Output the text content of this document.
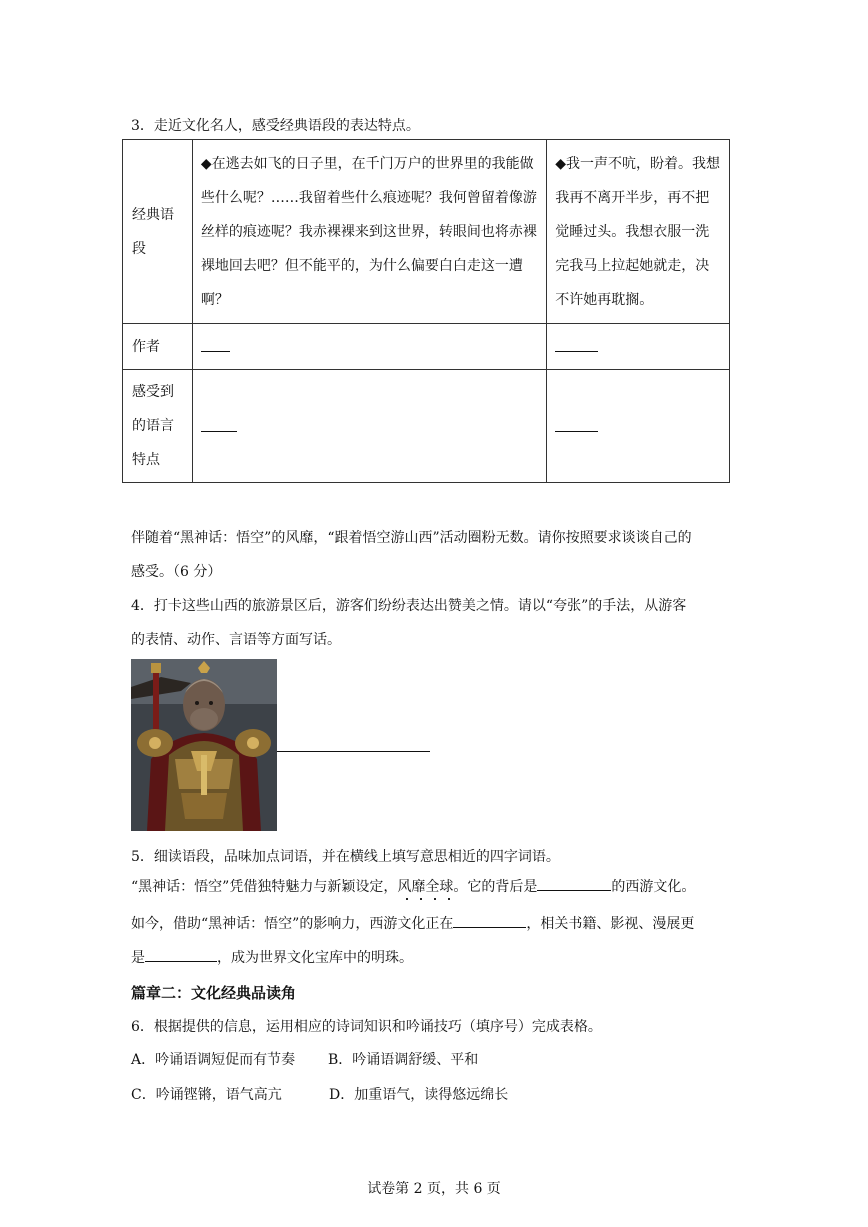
3．走近文化名人，感受经典语段的表达特点。
经典语段	◆在逃去如飞的日子里，在千门万户的世界里的我能做些什么呢？……我留着些什么痕迹呢？我何曾留着像游丝样的痕迹呢？我赤裸裸来到这世界，转眼间也将赤裸裸地回去吧？但不能平的，为什么偏要白白走这一遭啊？	◆我一声不吭，盼着。我想我再不离开半步，再不把觉睡过头。我想衣服一洗完我马上拉起她就走，决不许她再耽搁。
作者		
感受到的语言特点		
伴随着“黑神话：悟空”的风靡，“跟着悟空游山西”活动圈粉无数。请你按照要求谈谈自己的
感受。（6 分）
4．打卡这些山西的旅游景区后，游客们纷纷表达出赞美之情。请以“夸张”的手法，从游客
的表情、动作、言语等方面写话。
5．细读语段，品味加点词语，并在横线上填写意思相近的四字词语。
“黑神话：悟空”凭借独特魅力与新颖设定，风靡全球。它的背后是	的西游文化。
如今，借助“黑神话：悟空”的影响力，西游文化正在	，相关书籍、影视、漫展更
是	，成为世界文化宝库中的明珠。
篇章二：文化经典品读角
6．根据提供的信息，运用相应的诗词知识和吟诵技巧（填序号）完成表格。
A．吟诵语调短促而有节奏 B．吟诵语调舒缓、平和
C．吟诵铿锵，语气高亢	D．加重语气，读得悠远绵长
试卷第 2 页，共 6 页
